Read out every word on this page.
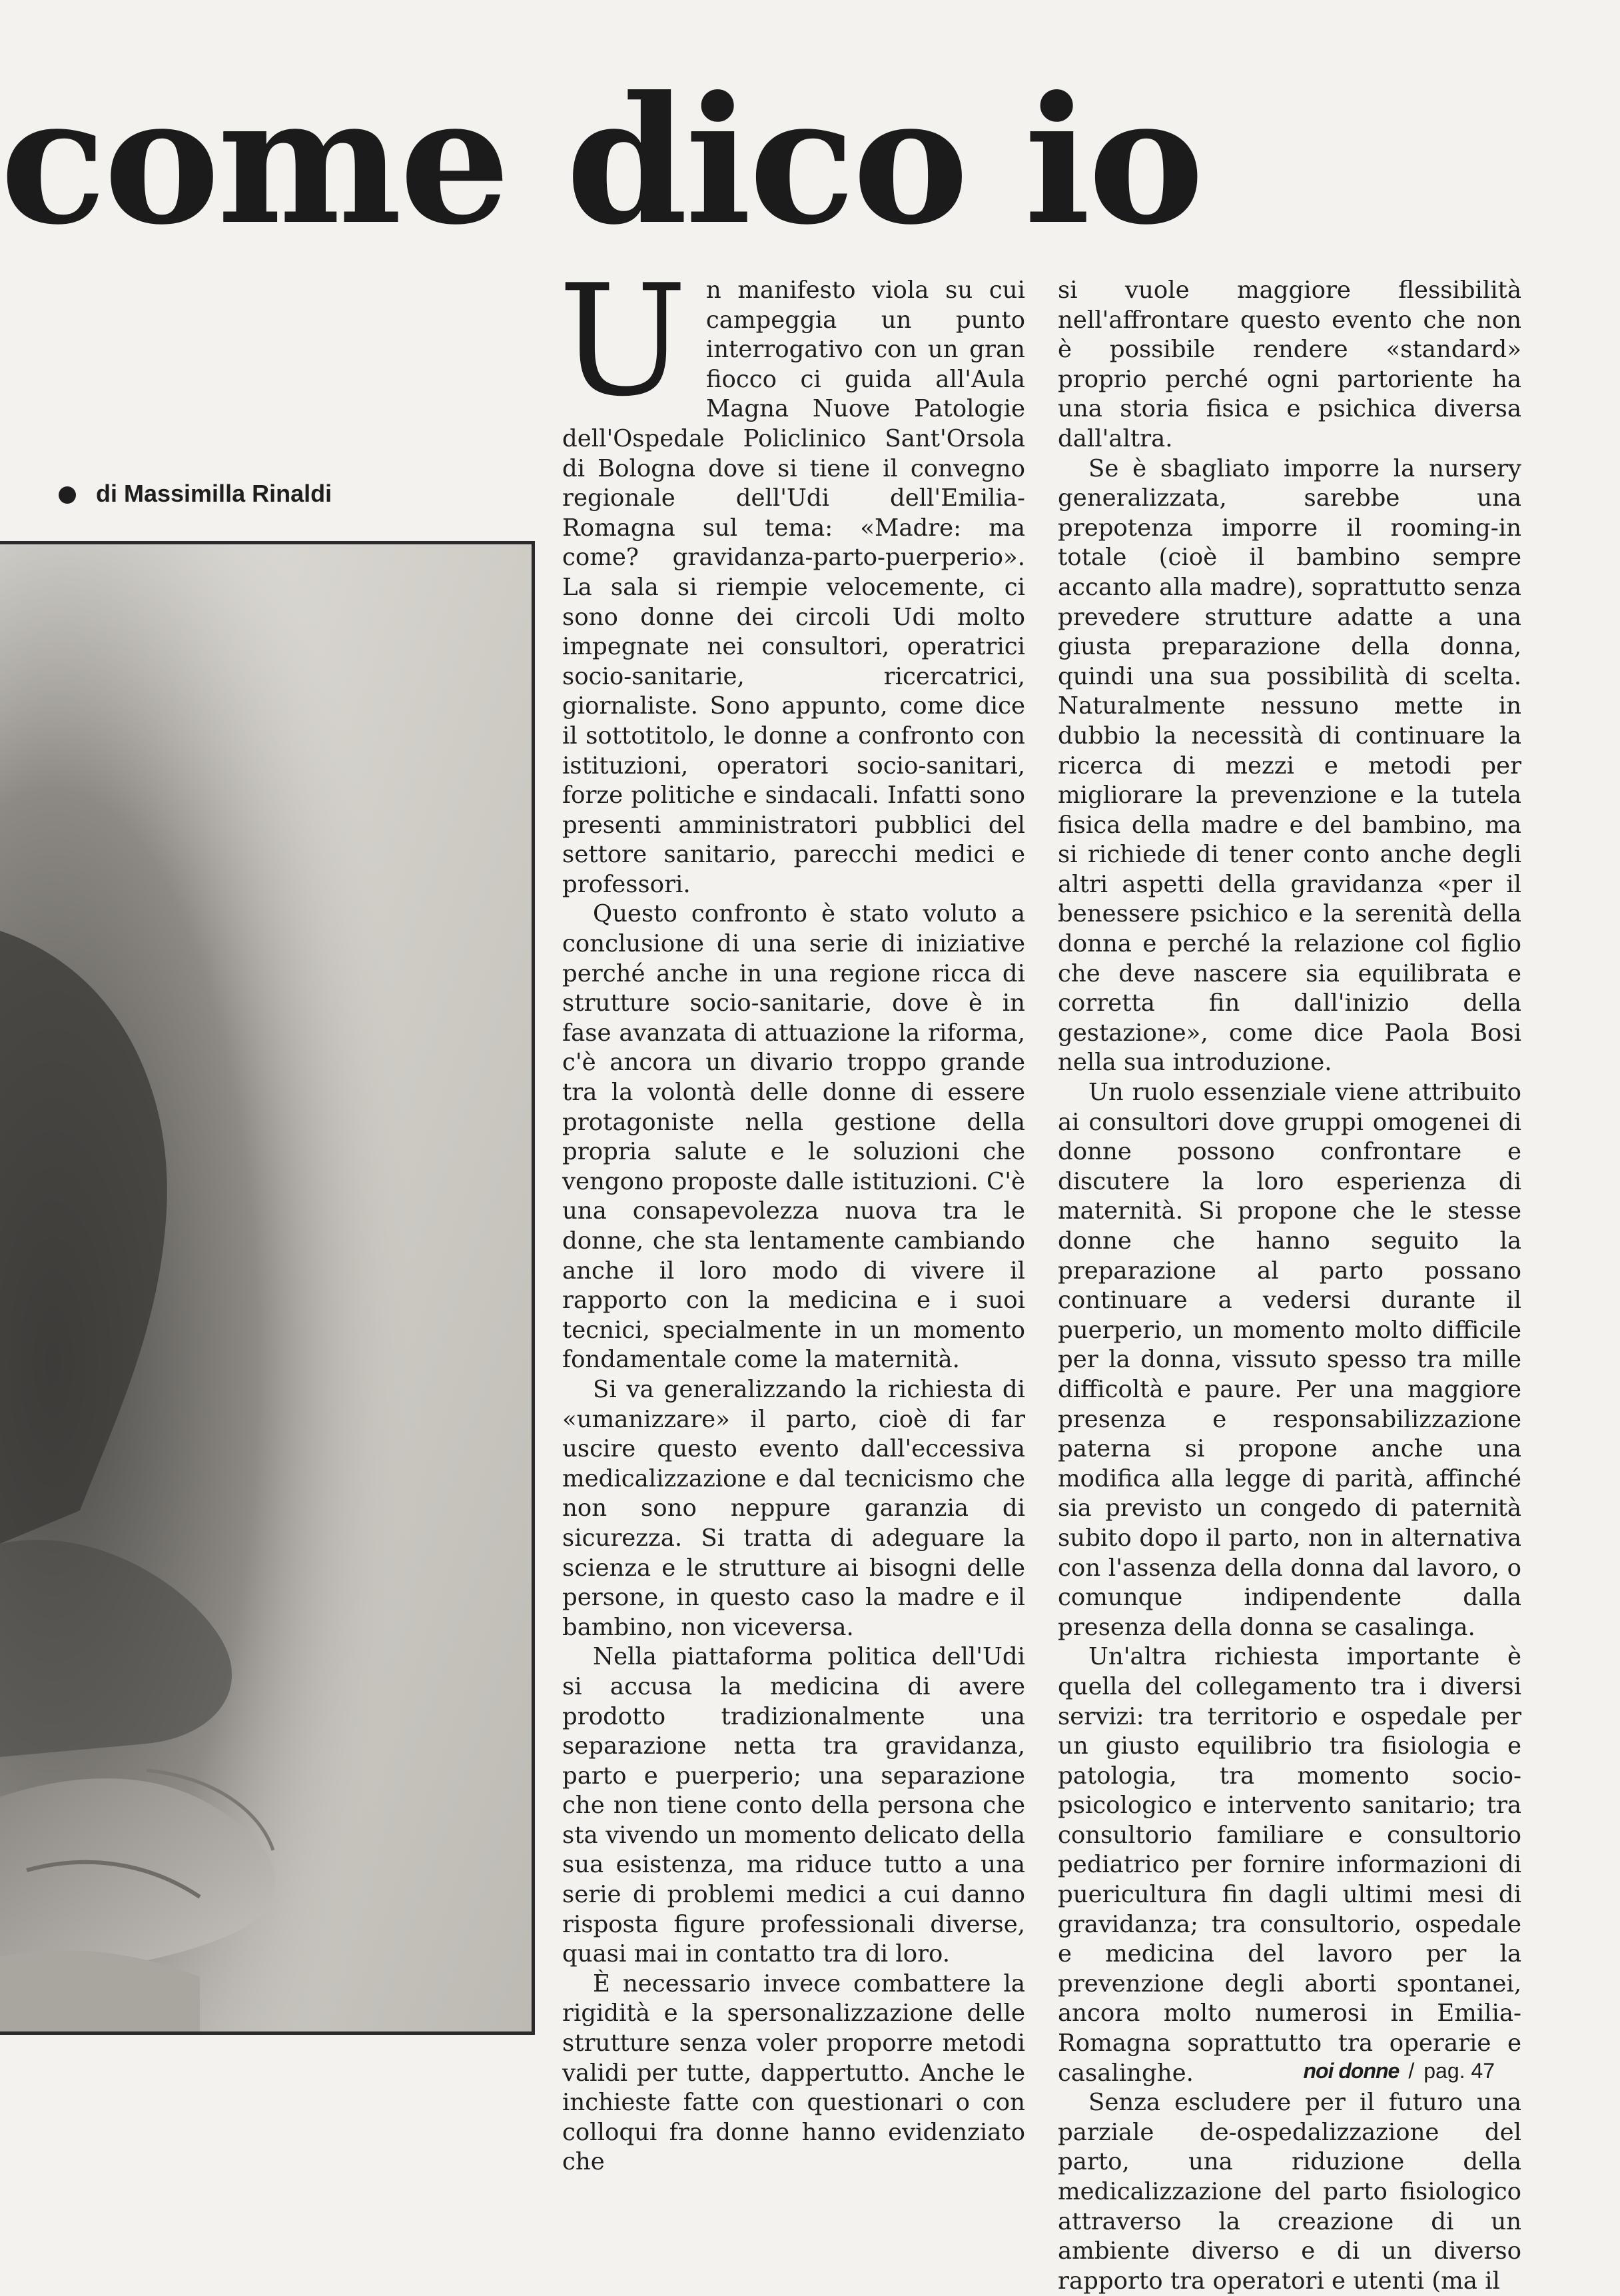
come dico io
di Massimilla Rinaldi

Un manifesto viola su cui campeggia un punto interrogativo con un gran fiocco ci guida all'Aula Magna Nuove Patologie dell'Ospedale Policlinico Sant'Orsola di Bologna dove si tiene il convegno regionale dell'Udi dell'Emilia-Romagna sul tema: «Madre: ma come? gravidanza-parto-puerperio». La sala si riempie velocemente, ci sono donne dei circoli Udi molto impegnate nei consultori, operatrici socio-sanitarie, ricercatrici, giornaliste. Sono appunto, come dice il sottotitolo, le donne a confronto con istituzioni, operatori socio-sanitari, forze politiche e sindacali. Infatti sono presenti amministratori pubblici del settore sanitario, parecchi medici e professori.

Questo confronto è stato voluto a conclusione di una serie di iniziative perché anche in una regione ricca di strutture socio-sanitarie, dove è in fase avanzata di attuazione la riforma, c'è ancora un divario troppo grande tra la volontà delle donne di essere protagoniste nella gestione della propria salute e le soluzioni che vengono proposte dalle istituzioni. C'è una consapevolezza nuova tra le donne, che sta lentamente cambiando anche il loro modo di vivere il rapporto con la medicina e i suoi tecnici, specialmente in un momento fondamentale come la maternità.

Si va generalizzando la richiesta di «umanizzare» il parto, cioè di far uscire questo evento dall'eccessiva medicalizzazione e dal tecnicismo che non sono neppure garanzia di sicurezza. Si tratta di adeguare la scienza e le strutture ai bisogni delle persone, in questo caso la madre e il bambino, non viceversa.

Nella piattaforma politica dell'Udi si accusa la medicina di avere prodotto tradizionalmente una separazione netta tra gravidanza, parto e puerperio; una separazione che non tiene conto della persona che sta vivendo un momento delicato della sua esistenza, ma riduce tutto a una serie di problemi medici a cui danno risposta figure professionali diverse, quasi mai in contatto tra di loro.

È necessario invece combattere la rigidità e la spersonalizzazione delle strutture senza voler proporre metodi validi per tutte, dappertutto. Anche le inchieste fatte con questionari o con colloqui fra donne hanno evidenziato che

si vuole maggiore flessibilità nell'affrontare questo evento che non è possibile rendere «standard» proprio perché ogni partoriente ha una storia fisica e psichica diversa dall'altra.

Se è sbagliato imporre la nursery generalizzata, sarebbe una prepotenza imporre il rooming-in totale (cioè il bambino sempre accanto alla madre), soprattutto senza prevedere strutture adatte a una giusta preparazione della donna, quindi una sua possibilità di scelta. Naturalmente nessuno mette in dubbio la necessità di continuare la ricerca di mezzi e metodi per migliorare la prevenzione e la tutela fisica della madre e del bambino, ma si richiede di tener conto anche degli altri aspetti della gravidanza «per il benessere psichico e la serenità della donna e perché la relazione col figlio che deve nascere sia equilibrata e corretta fin dall'inizio della gestazione», come dice Paola Bosi nella sua introduzione.

Un ruolo essenziale viene attribuito ai consultori dove gruppi omogenei di donne possono confrontare e discutere la loro esperienza di maternità. Si propone che le stesse donne che hanno seguito la preparazione al parto possano continuare a vedersi durante il puerperio, un momento molto difficile per la donna, vissuto spesso tra mille difficoltà e paure. Per una maggiore presenza e responsabilizzazione paterna si propone anche una modifica alla legge di parità, affinché sia previsto un congedo di paternità subito dopo il parto, non in alternativa con l'assenza della donna dal lavoro, o comunque indipendente dalla presenza della donna se casalinga.

Un'altra richiesta importante è quella del collegamento tra i diversi servizi: tra territorio e ospedale per un giusto equilibrio tra fisiologia e patologia, tra momento socio-psicologico e intervento sanitario; tra consultorio familiare e consultorio pediatrico per fornire informazioni di puericultura fin dagli ultimi mesi di gravidanza; tra consultorio, ospedale e medicina del lavoro per la prevenzione degli aborti spontanei, ancora molto numerosi in Emilia-Romagna soprattutto tra operarie e casalinghe.

Senza escludere per il futuro una parziale de-ospedalizzazione del parto, una riduzione della medicalizzazione del parto fisiologico attraverso la creazione di un ambiente diverso e di un diverso rapporto tra operatori e utenti (ma il

noi donne / pag. 47
